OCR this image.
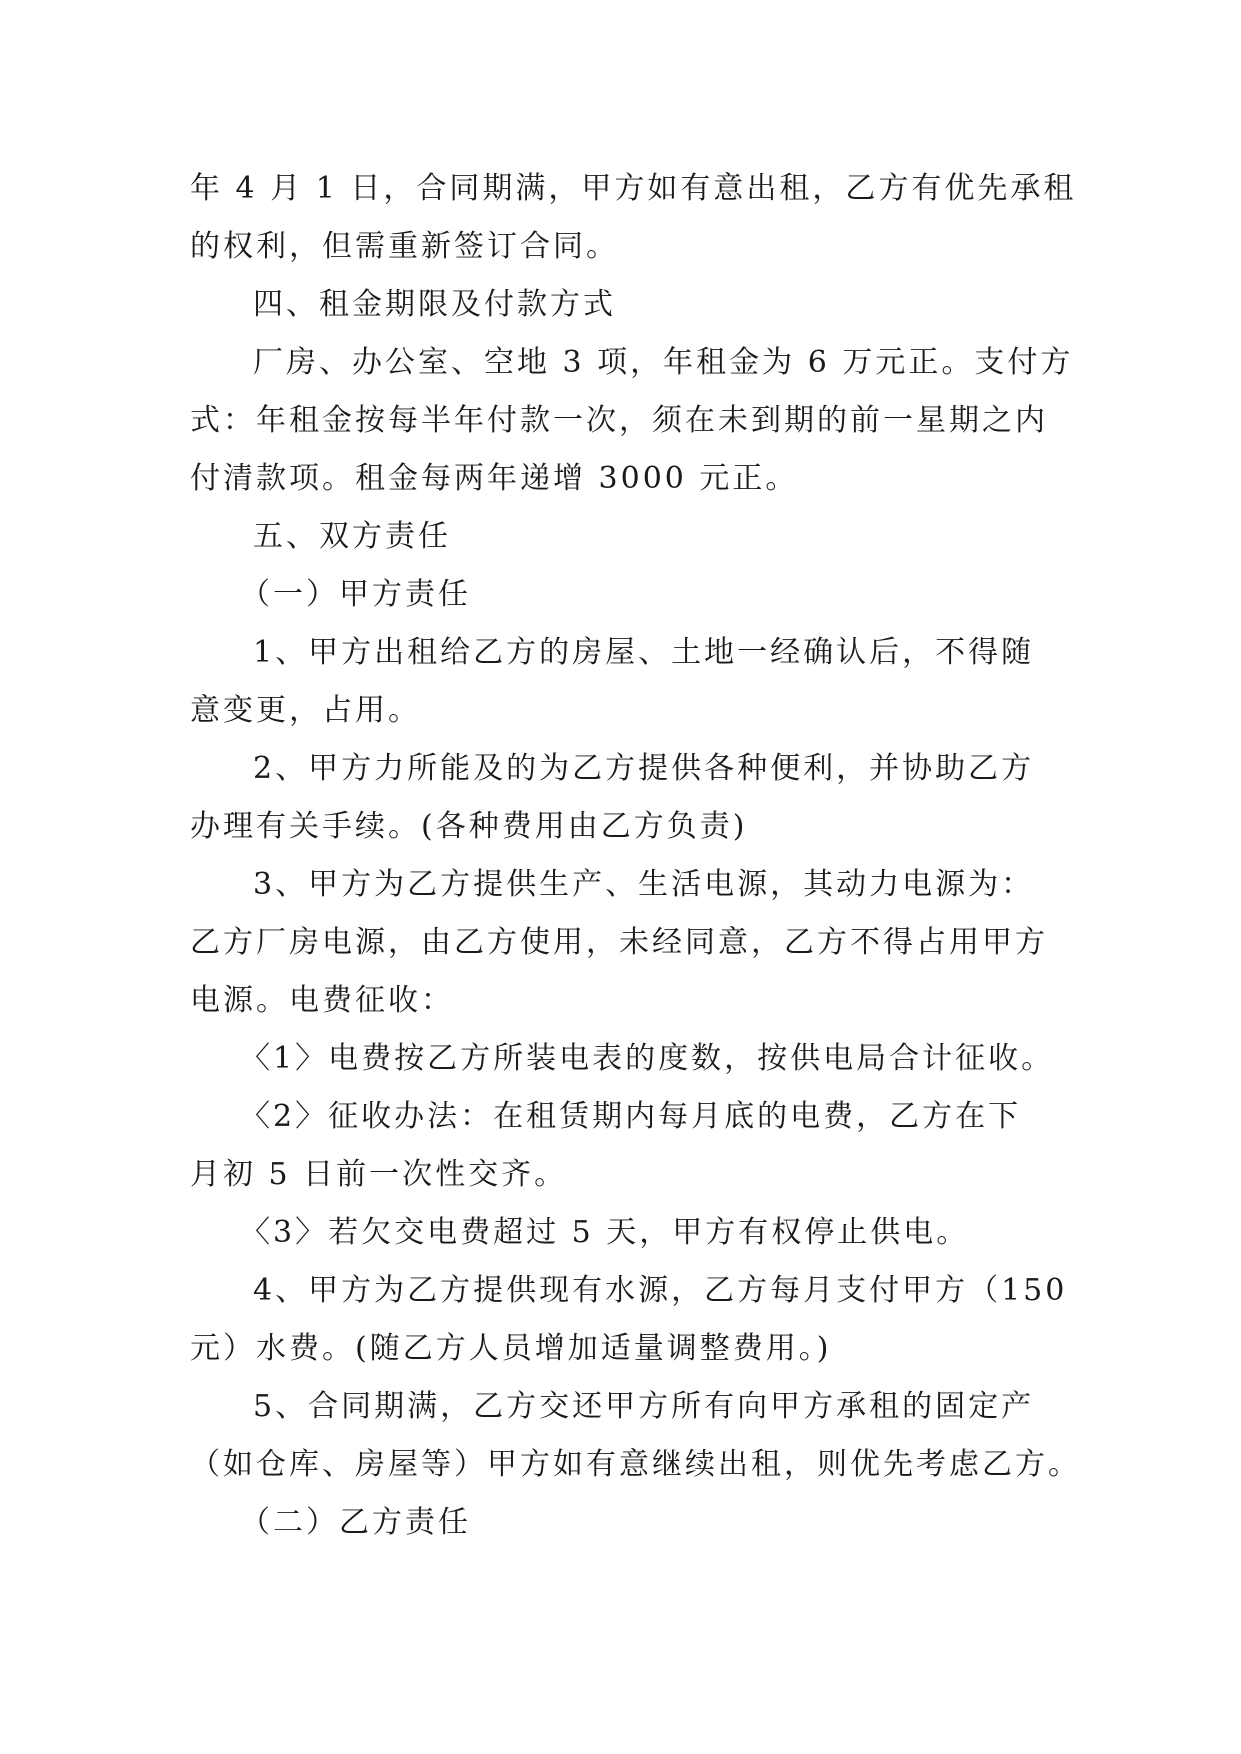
年 4 月 1 日，合同期满，甲方如有意出租，乙方有优先承租
的权利，但需重新签订合同。
四、租金期限及付款方式
厂房、办公室、空地 3 项，年租金为 6 万元正。支付方
式：年租金按每半年付款一次，须在未到期的前一星期之内
付清款项。租金每两年递增 3000 元正。
五、双方责任
（一）甲方责任
1、甲方出租给乙方的房屋、土地一经确认后，不得随
意变更，占用。
2、甲方力所能及的为乙方提供各种便利，并协助乙方
办理有关手续。(各种费用由乙方负责)
3、甲方为乙方提供生产、生活电源，其动力电源为：
乙方厂房电源，由乙方使用，未经同意，乙方不得占用甲方
电源。电费征收：
〈1〉电费按乙方所装电表的度数，按供电局合计征收。
〈2〉征收办法：在租赁期内每月底的电费，乙方在下
月初 5 日前一次性交齐。
〈3〉若欠交电费超过 5 天，甲方有权停止供电。
4、甲方为乙方提供现有水源，乙方每月支付甲方（150
元）水费。(随乙方人员增加适量调整费用。)
5、合同期满，乙方交还甲方所有向甲方承租的固定产
（如仓库、房屋等）甲方如有意继续出租，则优先考虑乙方。
（二）乙方责任
